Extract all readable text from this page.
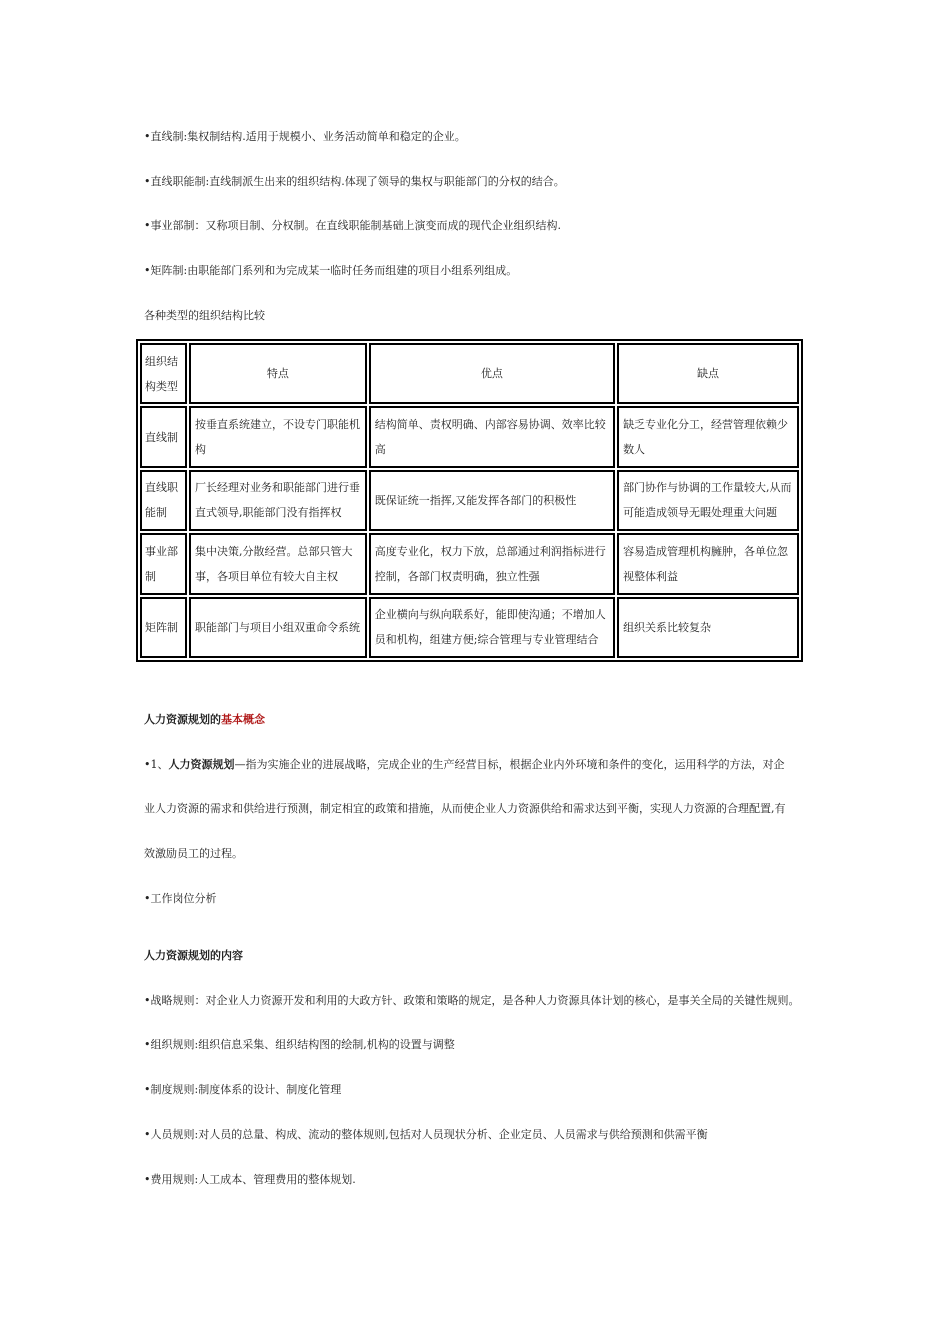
•直线制:集权制结构.适用于规模小、业务活动简单和稳定的企业。
•直线职能制:直线制派生出来的组织结构.体现了领导的集权与职能部门的分权的结合。
•事业部制：又称项目制、分权制。在直线职能制基础上演变而成的现代企业组织结构.
•矩阵制:由职能部门系列和为完成某一临时任务而组建的项目小组系列组成。
各种类型的组织结构比较
组织结构类型	特点	优点	缺点
直线制	按垂直系统建立，不设专门职能机构	结构简单、责权明确、内部容易协调、效率比较高	缺乏专业化分工，经营管理依赖少数人
直线职能制	厂长经理对业务和职能部门进行垂直式领导,职能部门没有指挥权	既保证统一指挥,又能发挥各部门的积极性	部门协作与协调的工作量较大,从而可能造成领导无暇处理重大问题
事业部制	集中决策,分散经营。总部只管大事，各项目单位有较大自主权	高度专业化，权力下放，总部通过利润指标进行控制，各部门权责明确，独立性强	容易造成管理机构臃肿，各单位忽视整体利益
矩阵制	职能部门与项目小组双重命令系统	企业横向与纵向联系好，能即使沟通；不增加人员和机构，组建方便;综合管理与专业管理结合	组织关系比较复杂
人力资源规划的基本概念
•1、人力资源规划—指为实施企业的进展战略，完成企业的生产经营目标，根据企业内外环境和条件的变化，运用科学的方法，对企
业人力资源的需求和供给进行预测，制定相宜的政策和措施，从而使企业人力资源供给和需求达到平衡，实现人力资源的合理配置,有
效激励员工的过程。
•工作岗位分析
人力资源规划的内容
•战略规则：对企业人力资源开发和利用的大政方针、政策和策略的规定，是各种人力资源具体计划的核心，是事关全局的关键性规则。
•组织规则:组织信息采集、组织结构图的绘制,机构的设置与调整
•制度规则:制度体系的设计、制度化管理
•人员规则:对人员的总量、构成、流动的整体规则,包括对人员现状分析、企业定员、人员需求与供给预测和供需平衡
•费用规则:人工成本、管理费用的整体规划.
